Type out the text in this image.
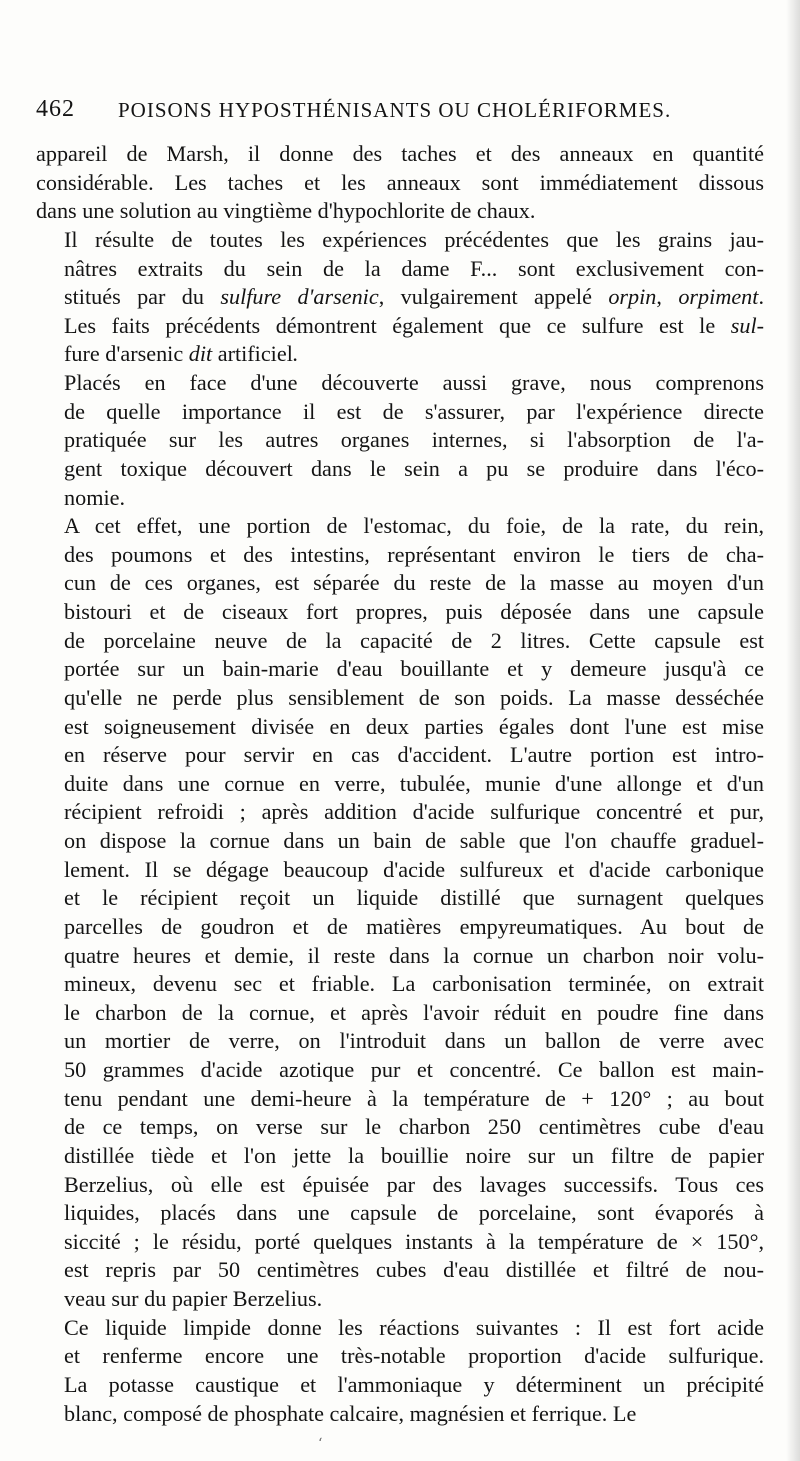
462 POISONS HYPOSTHÉNISANTS OU CHOLÉRIFORMES.

appareil de Marsh, il donne des taches et des anneaux en quantité
considérable. Les taches et les anneaux sont immédiatement dissous
dans une solution au vingtième d'hypochlorite de chaux.

Il résulte de toutes les expériences précédentes que les grains jau-
nâtres extraits du sein de la dame F... sont exclusivement con-
stitués par du sulfure d'arsenic, vulgairement appelé orpin, orpiment.
Les faits précédents démontrent également que ce sulfure est le sul-
fure d'arsenic dit artificiel.

Placés en face d'une découverte aussi grave, nous comprenons
de quelle importance il est de s'assurer, par l'expérience directe
pratiquée sur les autres organes internes, si l'absorption de l'a-
gent toxique découvert dans le sein a pu se produire dans l'éco-
nomie.

A cet effet, une portion de l'estomac, du foie, de la rate, du rein,
des poumons et des intestins, représentant environ le tiers de cha-
cun de ces organes, est séparée du reste de la masse au moyen d'un
bistouri et de ciseaux fort propres, puis déposée dans une capsule
de porcelaine neuve de la capacité de 2 litres. Cette capsule est
portée sur un bain-marie d'eau bouillante et y demeure jusqu'à ce
qu'elle ne perde plus sensiblement de son poids. La masse desséchée
est soigneusement divisée en deux parties égales dont l'une est mise
en réserve pour servir en cas d'accident. L'autre portion est intro-
duite dans une cornue en verre, tubulée, munie d'une allonge et d'un
récipient refroidi ; après addition d'acide sulfurique concentré et pur,
on dispose la cornue dans un bain de sable que l'on chauffe graduel-
lement. Il se dégage beaucoup d'acide sulfureux et d'acide carbonique
et le récipient reçoit un liquide distillé que surnagent quelques
parcelles de goudron et de matières empyreumatiques. Au bout de
quatre heures et demie, il reste dans la cornue un charbon noir volu-
mineux, devenu sec et friable. La carbonisation terminée, on extrait
le charbon de la cornue, et après l'avoir réduit en poudre fine dans
un mortier de verre, on l'introduit dans un ballon de verre avec
50 grammes d'acide azotique pur et concentré. Ce ballon est main-
tenu pendant une demi-heure à la température de + 120° ; au bout
de ce temps, on verse sur le charbon 250 centimètres cube d'eau
distillée tiède et l'on jette la bouillie noire sur un filtre de papier
Berzelius, où elle est épuisée par des lavages successifs. Tous ces
liquides, placés dans une capsule de porcelaine, sont évaporés à
siccité ; le résidu, porté quelques instants à la température de × 150°,
est repris par 50 centimètres cubes d'eau distillée et filtré de nou-
veau sur du papier Berzelius.

Ce liquide limpide donne les réactions suivantes : Il est fort acide
et renferme encore une très-notable proportion d'acide sulfurique.
La potasse caustique et l'ammoniaque y déterminent un précipité
blanc, composé de phosphate calcaire, magnésien et ferrique. Le

ʻ
